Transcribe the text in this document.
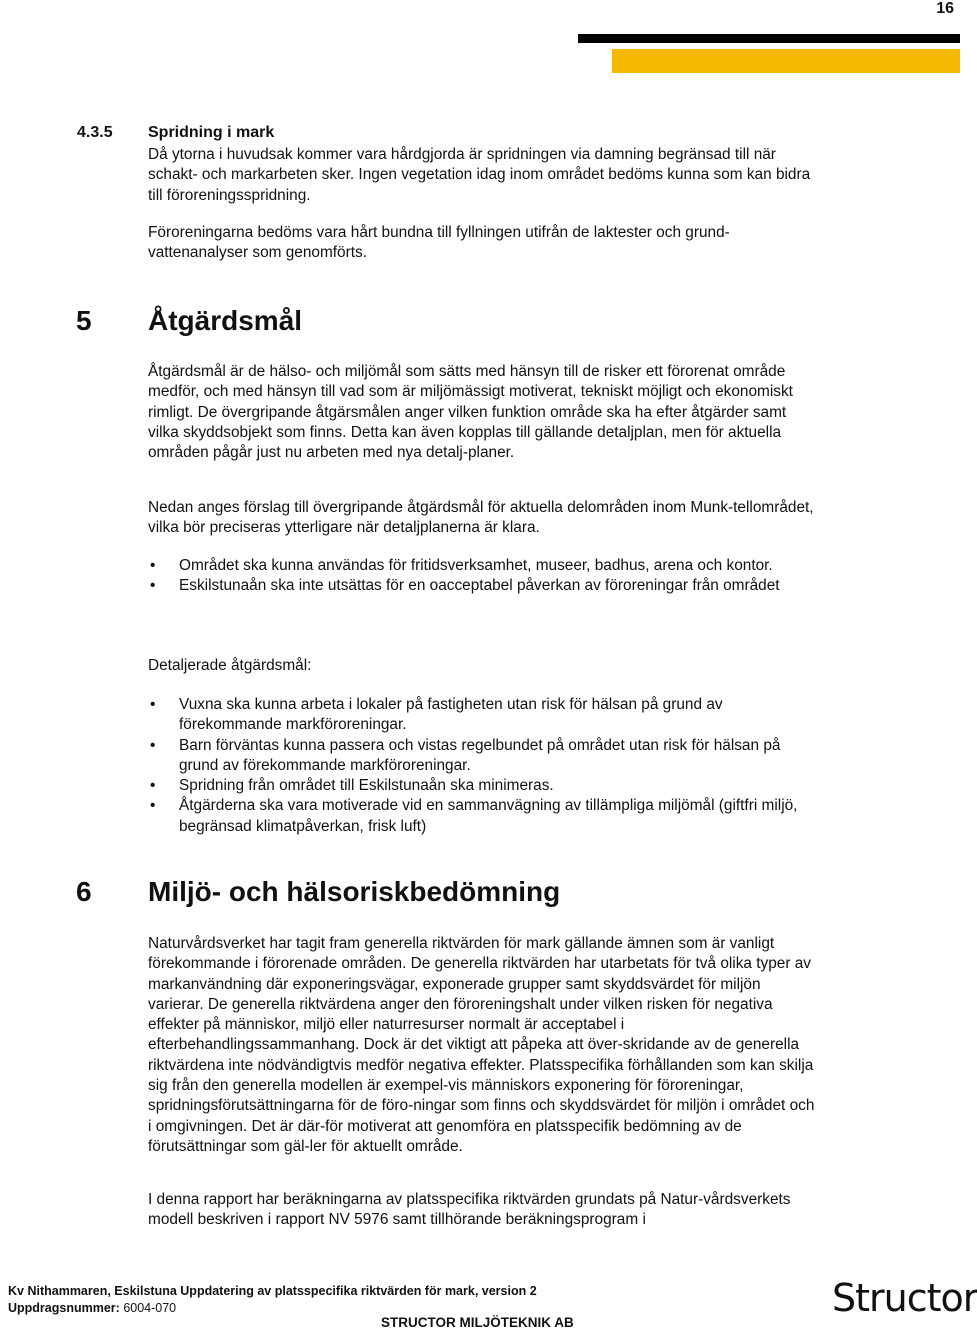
16
4.3.5 Spridning i mark

Då ytorna i huvudsak kommer vara hårdgjorda är spridningen via damning begränsad till när schakt- och markarbeten sker. Ingen vegetation idag inom området bedöms kunna som kan bidra till föroreningsspridning.

Föroreningarna bedöms vara hårt bundna till fyllningen utifrån de laktester och grund-vattenanalyser som genomförts.

5 Åtgärdsmål

Åtgärdsmål är de hälso- och miljömål som sätts med hänsyn till de risker ett förorenat område medför, och med hänsyn till vad som är miljömässigt motiverat, tekniskt möjligt och ekonomiskt rimligt. De övergripande åtgärsmålen anger vilken funktion område ska ha efter åtgärder samt vilka skyddsobjekt som finns. Detta kan även kopplas till gällande detaljplan, men för aktuella områden pågår just nu arbeten med nya detalj-planer.

Nedan anges förslag till övergripande åtgärdsmål för aktuella delområden inom Munk-tellområdet, vilka bör preciseras ytterligare när detaljplanerna är klara.

• Området ska kunna användas för fritidsverksamhet, museer, badhus, arena och kontor.
• Eskilstunaån ska inte utsättas för en oacceptabel påverkan av föroreningar från området

Detaljerade åtgärdsmål:

• Vuxna ska kunna arbeta i lokaler på fastigheten utan risk för hälsan på grund av förekommande markföroreningar.
• Barn förväntas kunna passera och vistas regelbundet på området utan risk för hälsan på grund av förekommande markföroreningar.
• Spridning från området till Eskilstunaån ska minimeras.
• Åtgärderna ska vara motiverade vid en sammanvägning av tillämpliga miljömål (giftfri miljö, begränsad klimatpåverkan, frisk luft)
6 Miljö- och hälsoriskbedömning

Naturvårdsverket har tagit fram generella riktvärden för mark gällande ämnen som är vanligt förekommande i förorenade områden. De generella riktvärden har utarbetats för två olika typer av markanvändning där exponeringsvägar, exponerade grupper samt skyddsvärdet för miljön varierar. De generella riktvärdena anger den föroreningshalt under vilken risken för negativa effekter på människor, miljö eller naturresurser normalt är acceptabel i efterbehandlingssammanhang. Dock är det viktigt att påpeka att över-skridande av de generella riktvärdena inte nödvändigtvis medför negativa effekter. Platsspecifika förhållanden som kan skilja sig från den generella modellen är exempel-vis människors exponering för föroreningar, spridningsförutsättningarna för de föro-ningar som finns och skyddsvärdet för miljön i området och i omgivningen. Det är där-för motiverat att genomföra en platsspecifik bedömning av de förutsättningar som gäl-ler för aktuellt område.

I denna rapport har beräkningarna av platsspecifika riktvärden grundats på Natur-vårdsverkets modell beskriven i rapport NV 5976 samt tillhörande beräkningsprogram i

Kv Nithammaren, Eskilstuna Uppdatering av platsspecifika riktvärden för mark, version 2
Uppdragsnummer: 6004-070
STRUCTOR MILJÖTEKNIK AB
Structor
